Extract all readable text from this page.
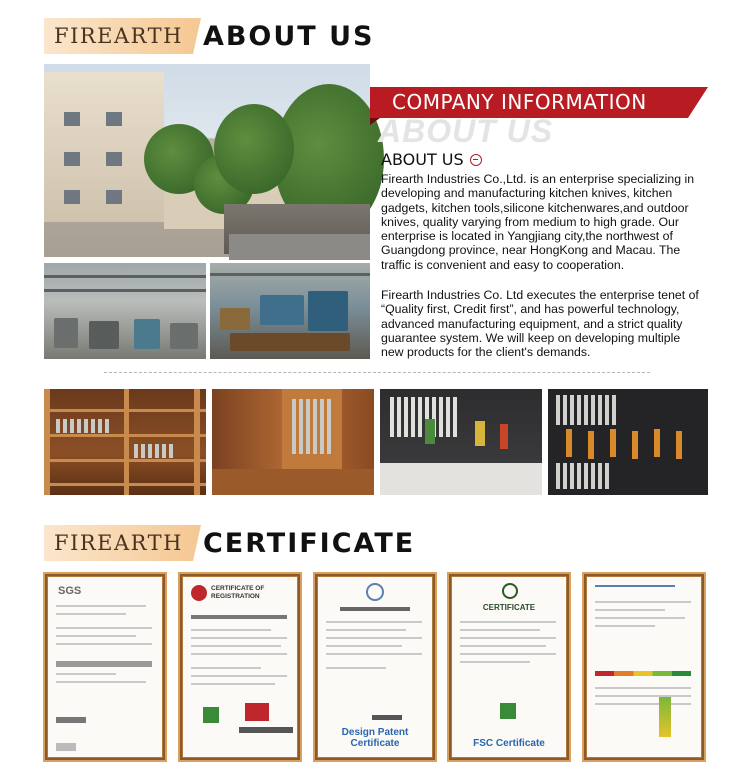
FIREARTH ABOUT US
COMPANY INFORMATION
ABOUT US
ABOUT US
Firearth Industries Co.,Ltd. is an enterprise specializing in
developing and manufacturing kitchen knives, kitchen
gadgets, kitchen tools,silicone kitchenwares,and outdoor
knives, quality varying from medium to high grade. Our
enterprise is located in Yangjiang city,the northwest of
Guangdong province, near HongKong and Macau. The
traffic is convenient and easy to cooperation.
Firearth Industries Co. Ltd executes the enterprise tenet of
“Quality first, Credit first”, and has powerful technology,
advanced manufacturing equipment, and a strict quality
guarantee system. We will keep on developing multiple
new products for the client's demands.
FIREARTH CERTIFICATE
SGS	CERTIFICATE OF REGISTRATION
Design Patent Certificate
CERTIFICATE
FSC Certificate
